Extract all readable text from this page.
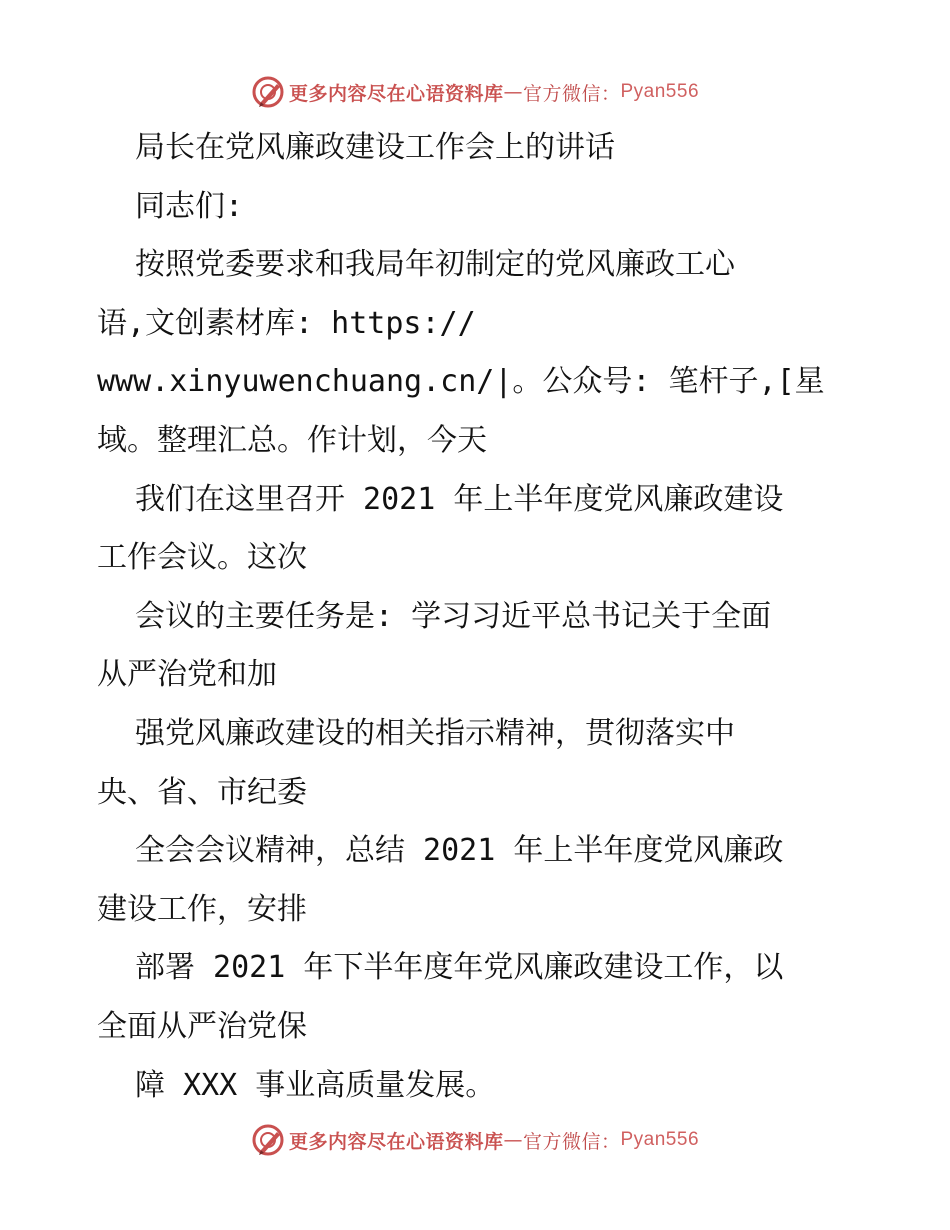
更多内容尽在心语资料库 — 官方微信： Pyan556
局长在党风廉政建设工作会上的讲话
同志们:
按照党委要求和我局年初制定的党风廉政工心
语,文创素材库: https://
www.xinyuwenchuang.cn/|。公众号: 笔杆子,[星
域。整理汇总。作计划，今天
我们在这里召开 2021 年上半年度党风廉政建设
工作会议。这次
会议的主要任务是: 学习习近平总书记关于全面
从严治党和加
强党风廉政建设的相关指示精神，贯彻落实中
央、省、市纪委
全会会议精神，总结 2021 年上半年度党风廉政
建设工作，安排
部署 2021 年下半年度年党风廉政建设工作，以
全面从严治党保
障 XXX 事业高质量发展。
更多内容尽在心语资料库 — 官方微信： Pyan556
